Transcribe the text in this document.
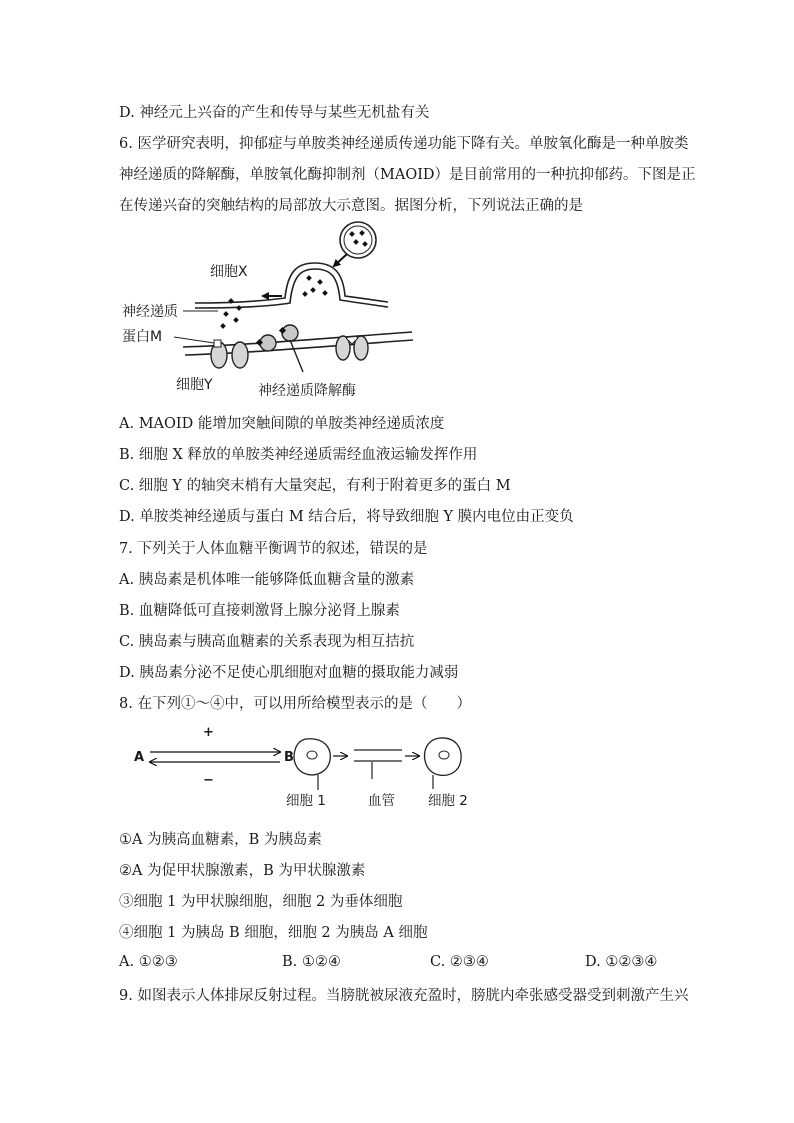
D. 神经元上兴奋的产生和传导与某些无机盐有关
6. 医学研究表明，抑郁症与单胺类神经递质传递功能下降有关。单胺氧化酶是一种单胺类
神经递质的降解酶，单胺氧化酶抑制剂（MAOID）是目前常用的一种抗抑郁药。下图是正
在传递兴奋的突触结构的局部放大示意图。据图分析，下列说法正确的是
细胞X
神经递质
蛋白M
细胞Y	神经递质降解酶
A. MAOID 能增加突触间隙的单胺类神经递质浓度
B. 细胞 X 释放的单胺类神经递质需经血液运输发挥作用
C. 细胞 Y 的轴突末梢有大量突起，有利于附着更多的蛋白 M
D. 单胺类神经递质与蛋白 M 结合后，将导致细胞 Y 膜内电位由正变负
7. 下列关于人体血糖平衡调节的叙述，错误的是
A. 胰岛素是机体唯一能够降低血糖含量的激素
B. 血糖降低可直接刺激肾上腺分泌肾上腺素
C. 胰岛素与胰高血糖素的关系表现为相互拮抗
D. 胰岛素分泌不足使心肌细胞对血糖的摄取能力减弱
8. 在下列①～④中，可以用所给模型表示的是（　　）
A	B
+
−
细胞 1	血管 细胞 2
①A 为胰高血糖素，B 为胰岛素
②A 为促甲状腺激素，B 为甲状腺激素
③细胞 1 为甲状腺细胞，细胞 2 为垂体细胞
④细胞 1 为胰岛 B 细胞，细胞 2 为胰岛 A 细胞
A. ①②③	B. ①②④	C. ②③④	D. ①②③④
9. 如图表示人体排尿反射过程。当膀胱被尿液充盈时，膀胱内牵张感受器受到刺激产生兴
